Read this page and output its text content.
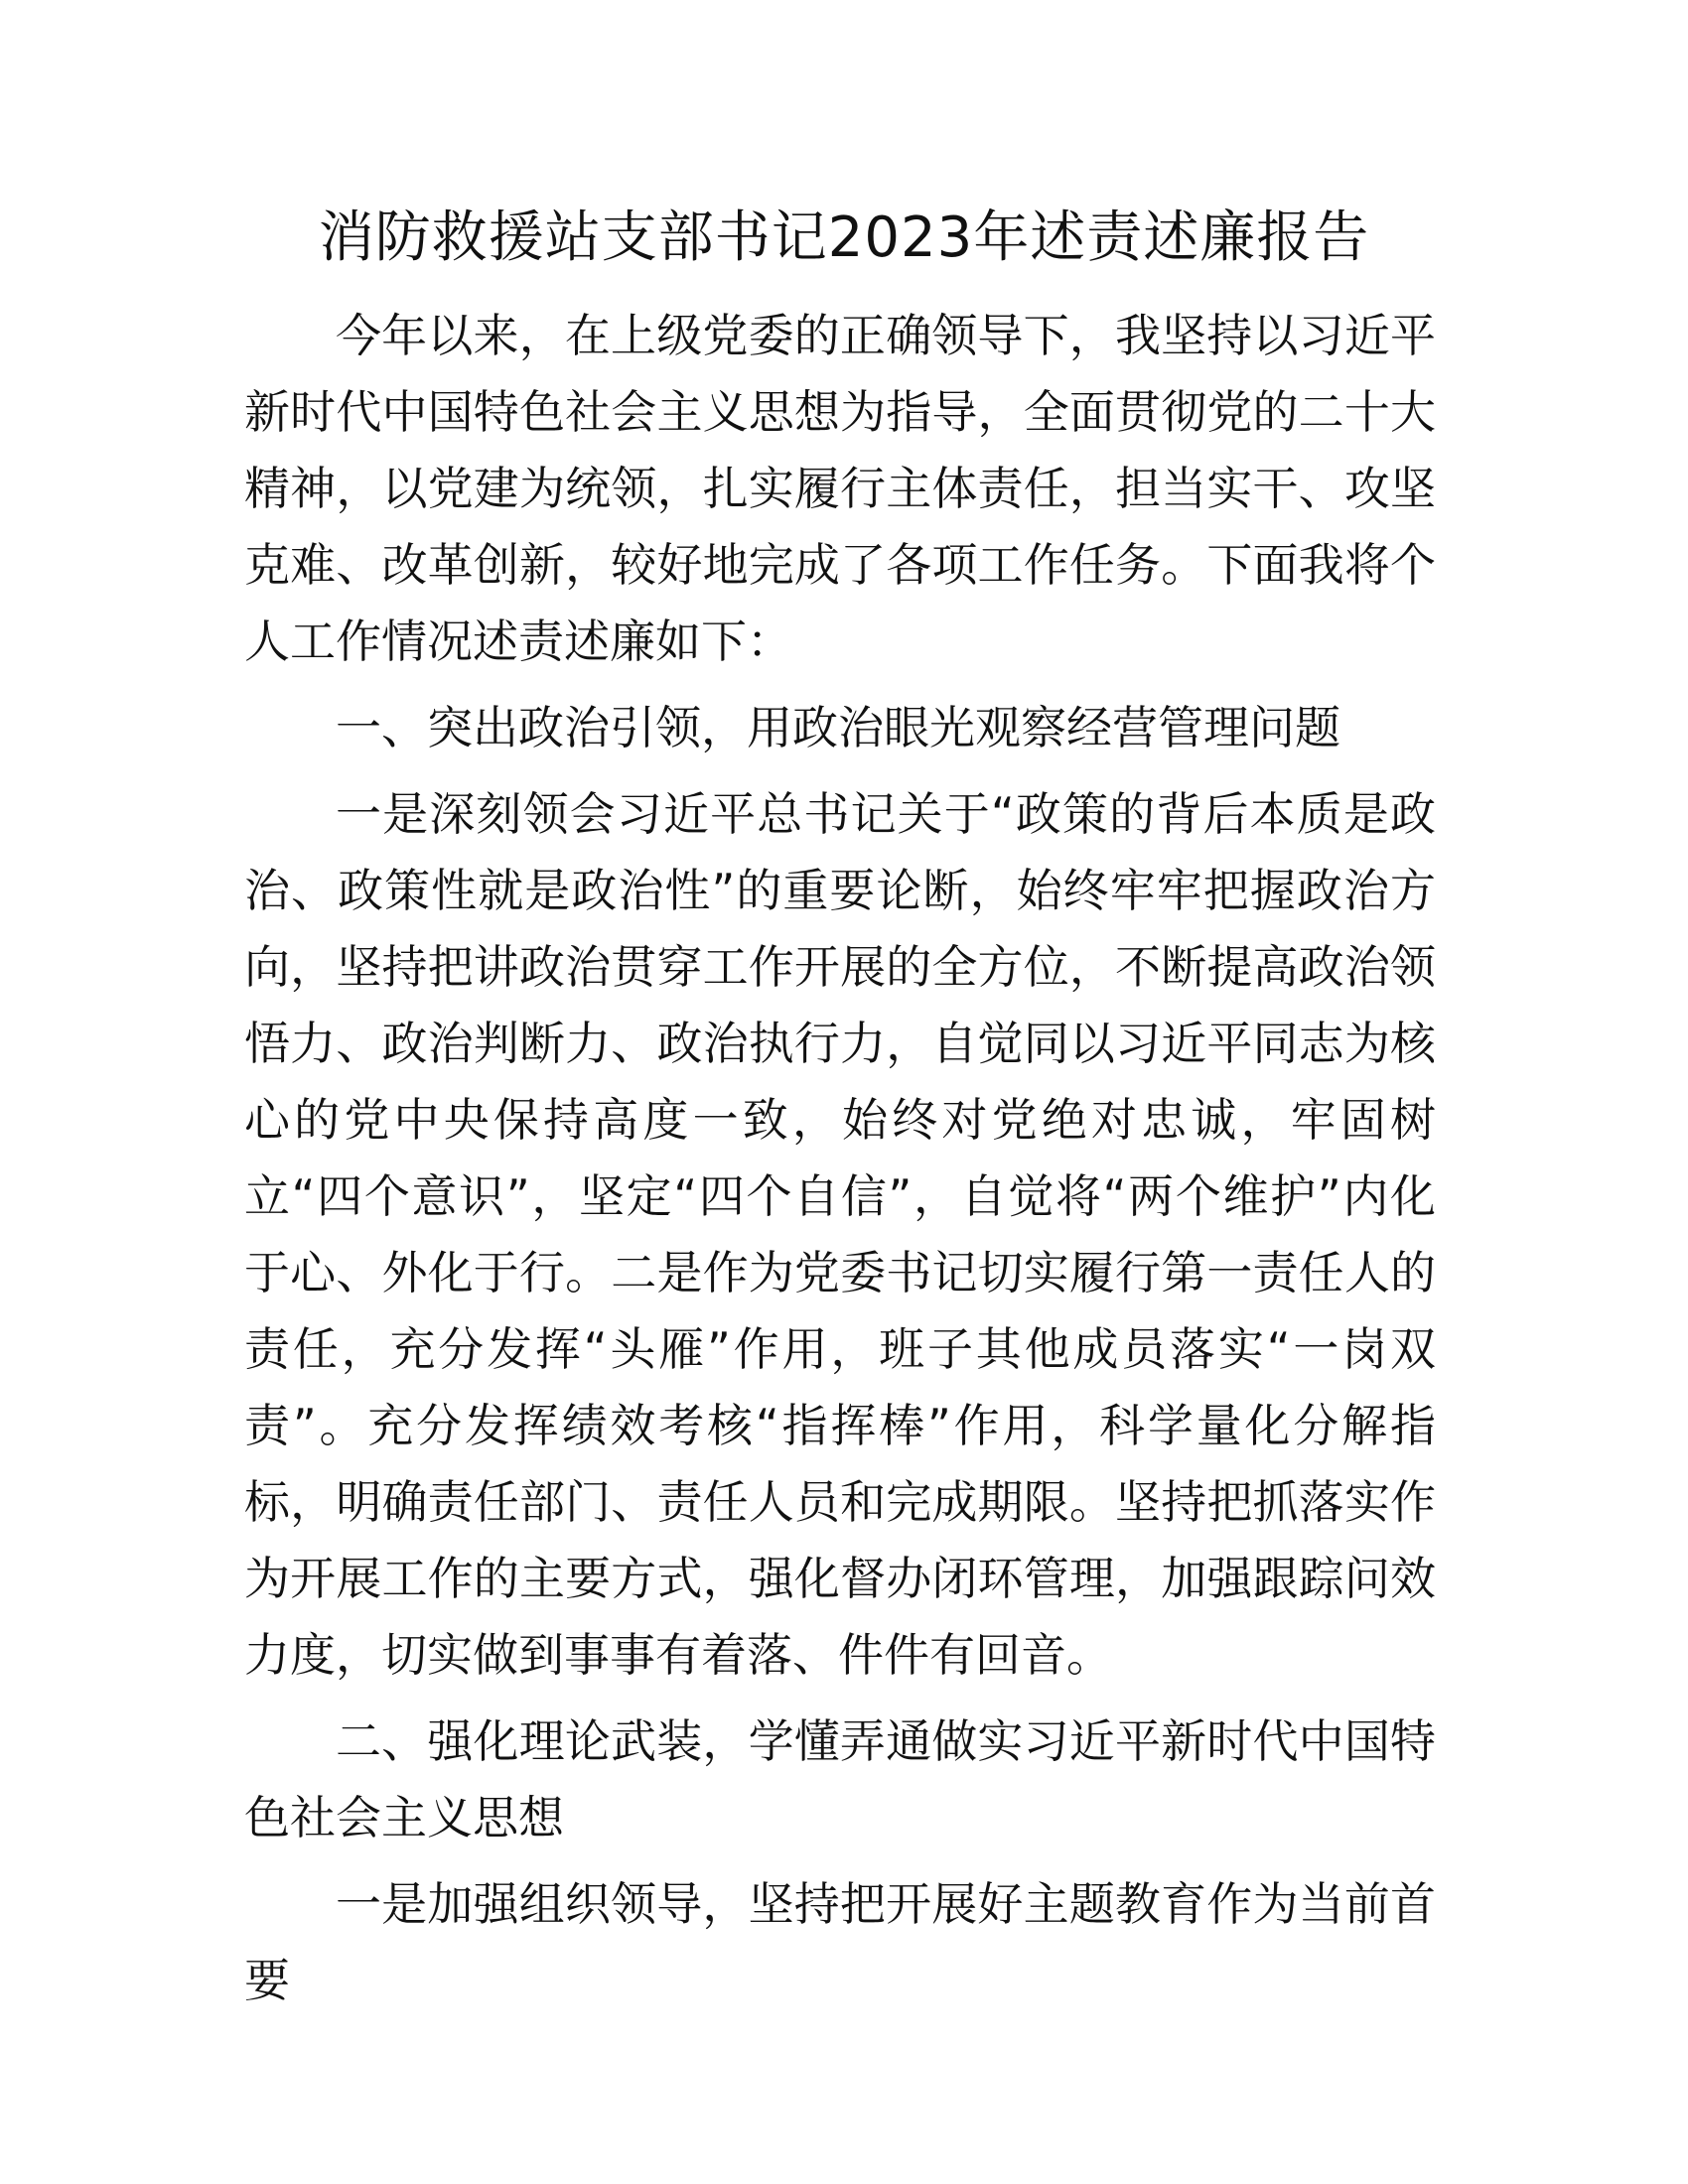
消防救援站支部书记2023年述责述廉报告

今年以来，在上级党委的正确领导下，我坚持以习近平新时代中国特色社会主义思想为指导，全面贯彻党的二十大精神，以党建为统领，扎实履行主体责任，担当实干、攻坚克难、改革创新，较好地完成了各项工作任务。下面我将个人工作情况述责述廉如下：

一、突出政治引领，用政治眼光观察经营管理问题

一是深刻领会习近平总书记关于“政策的背后本质是政治、政策性就是政治性”的重要论断，始终牢牢把握政治方向，坚持把讲政治贯穿工作开展的全方位，不断提高政治领悟力、政治判断力、政治执行力，自觉同以习近平同志为核心的党中央保持高度一致，始终对党绝对忠诚，牢固树立“四个意识”，坚定“四个自信”，自觉将“两个维护”内化于心、外化于行。二是作为党委书记切实履行第一责任人的责任，充分发挥“头雁”作用，班子其他成员落实“一岗双责”。充分发挥绩效考核“指挥棒”作用，科学量化分解指标，明确责任部门、责任人员和完成期限。坚持把抓落实作为开展工作的主要方式，强化督办闭环管理，加强跟踪问效力度，切实做到事事有着落、件件有回音。

二、强化理论武装，学懂弄通做实习近平新时代中国特色社会主义思想

一是加强组织领导，坚持把开展好主题教育作为当前首要
